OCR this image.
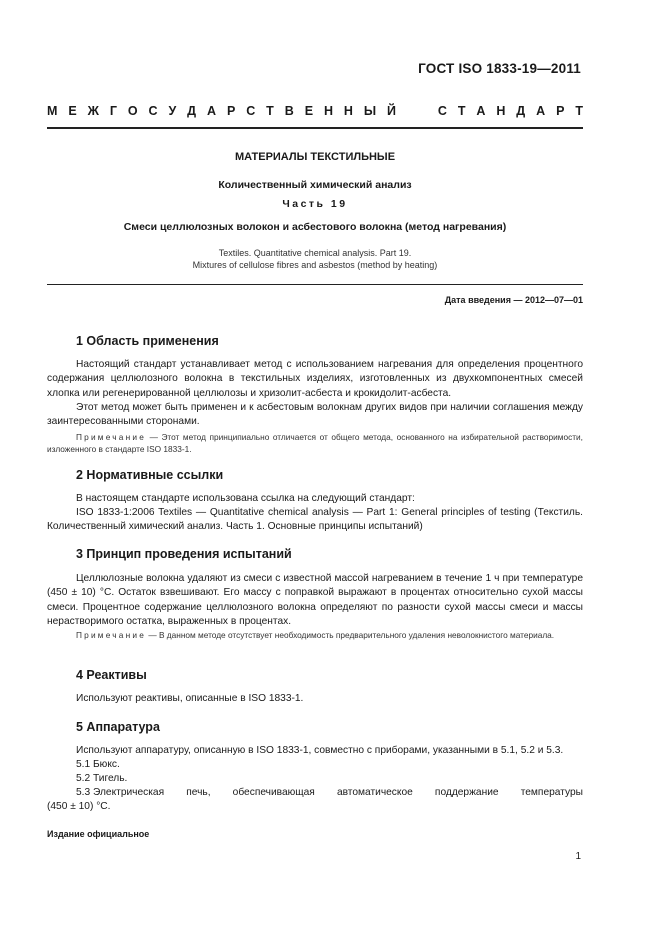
ГОСТ ISO 1833-19—2011
М Е Ж Г О С У Д А Р С Т В Е Н Н Ы Й	С Т А Н Д А Р Т
МАТЕРИАЛЫ ТЕКСТИЛЬНЫЕ
Количественный химический анализ
Часть 19
Смеси целлюлозных волокон и асбестового волокна (метод нагревания)
Textiles. Quantitative chemical analysis. Part 19.
Mixtures of cellulose fibres and asbestos (method by heating)
Дата введения — 2012—07—01
1 Область применения

Настоящий стандарт устанавливает метод с использованием нагревания для определения процентного содержания целлюлозного волокна в текстильных изделиях, изготовленных из двухкомпонентных смесей хлопка или регенерированной целлюлозы и хризолит-асбеста и крокидолит-асбеста.

Этот метод может быть применен и к асбестовым волокнам других видов при наличии соглашения между заинтересованными сторонами.

Примечание — Этот метод принципиально отличается от общего метода, основанного на избирательной растворимости, изложенного в стандарте ISO 1833-1.

2 Нормативные ссылки

В настоящем стандарте использована ссылка на следующий стандарт:

ISO 1833-1:2006 Textiles — Quantitative chemical analysis — Part 1: General principles of testing (Текстиль. Количественный химический анализ. Часть 1. Основные принципы испытаний)

3 Принцип проведения испытаний

Целлюлозные волокна удаляют из смеси с известной массой нагреванием в течение 1 ч при температуре (450 ± 10) °С. Остаток взвешивают. Его массу с поправкой выражают в процентах относительно сухой массы смеси. Процентное содержание целлюлозного волокна определяют по разности сухой массы смеси и массы нерастворимого остатка, выраженных в процентах.

Примечание — В данном методе отсутствует необходимость предварительного удаления неволокнистого материала.

4 Реактивы

Используют реактивы, описанные в ISO 1833-1.

5 Аппаратура

Используют аппаратуру, описанную в ISO 1833-1, совместно с приборами, указанными в 5.1, 5.2 и 5.3.

5.1 Бюкс.
5.2 Тигель.
5.3 Электрическая печь, обеспечивающая автоматическое поддержание температуры
(450 ± 10) °С.
Издание официальное
1
